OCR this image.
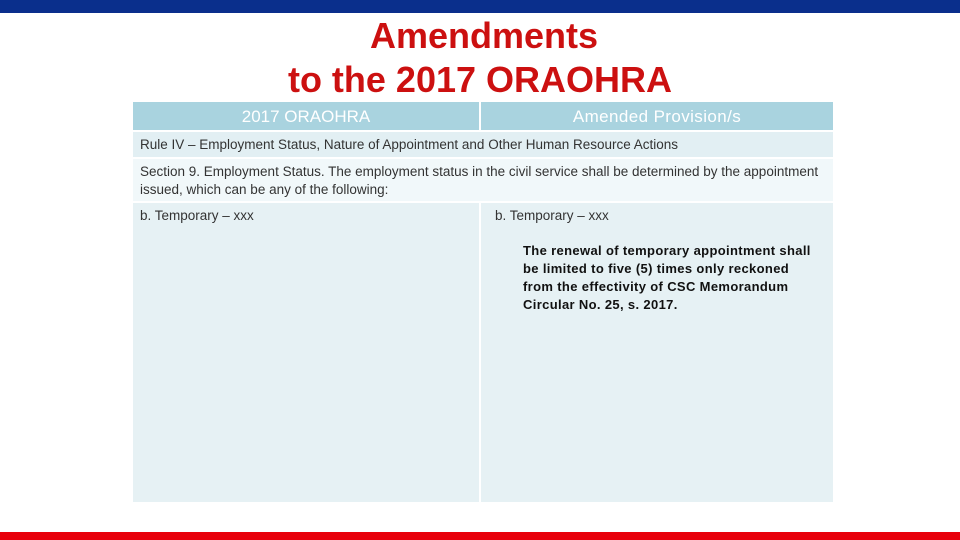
Amendments
to the 2017 ORAOHRA
2017 ORAOHRA	Amended Provision/s
Rule IV – Employment Status, Nature of Appointment and Other Human Resource Actions
Section 9. Employment Status. The employment status in the civil service shall be determined by the appointment issued, which can be any of the following:
b. Temporary – xxx	b. Temporary – xxx
The renewal of temporary appointment shall be limited to five (5) times only reckoned from the effectivity of CSC Memorandum Circular No. 25, s. 2017.
